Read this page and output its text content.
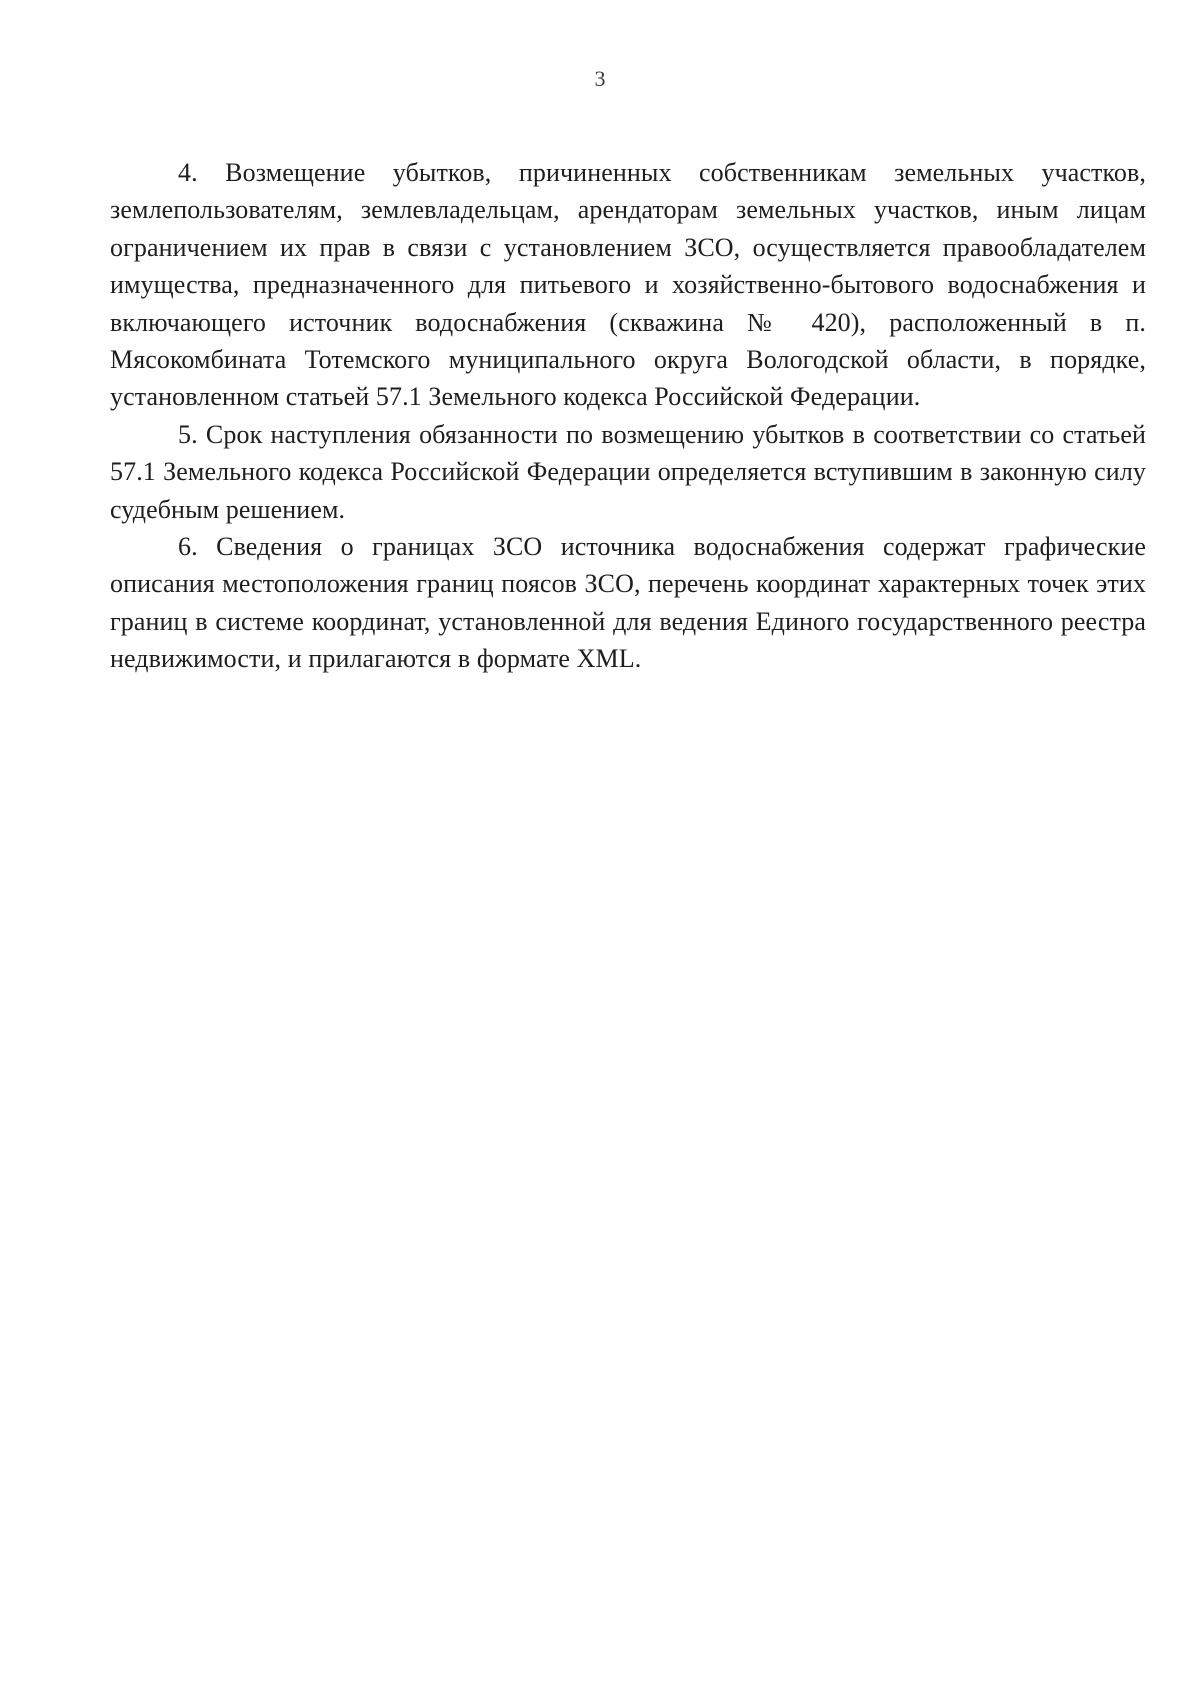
3

4. Возмещение убытков, причиненных собственникам земельных участков, землепользователям, землевладельцам, арендаторам земельных участков, иным лицам ограничением их прав в связи с установлением ЗСО, осуществляется правообладателем имущества, предназначенного для питьевого и хозяйственно-бытового водоснабжения и включающего источник водоснабжения (скважина № 420), расположенный в п. Мясокомбината Тотемского муниципального округа Вологодской области, в порядке, установленном статьей 57.1 Земельного кодекса Российской Федерации.

5. Срок наступления обязанности по возмещению убытков в соответствии со статьей 57.1 Земельного кодекса Российской Федерации определяется вступившим в законную силу судебным решением.

6. Сведения о границах ЗСО источника водоснабжения содержат графические описания местоположения границ поясов ЗСО, перечень координат характерных точек этих границ в системе координат, установленной для ведения Единого государственного реестра недвижимости, и прилагаются в формате XML.
